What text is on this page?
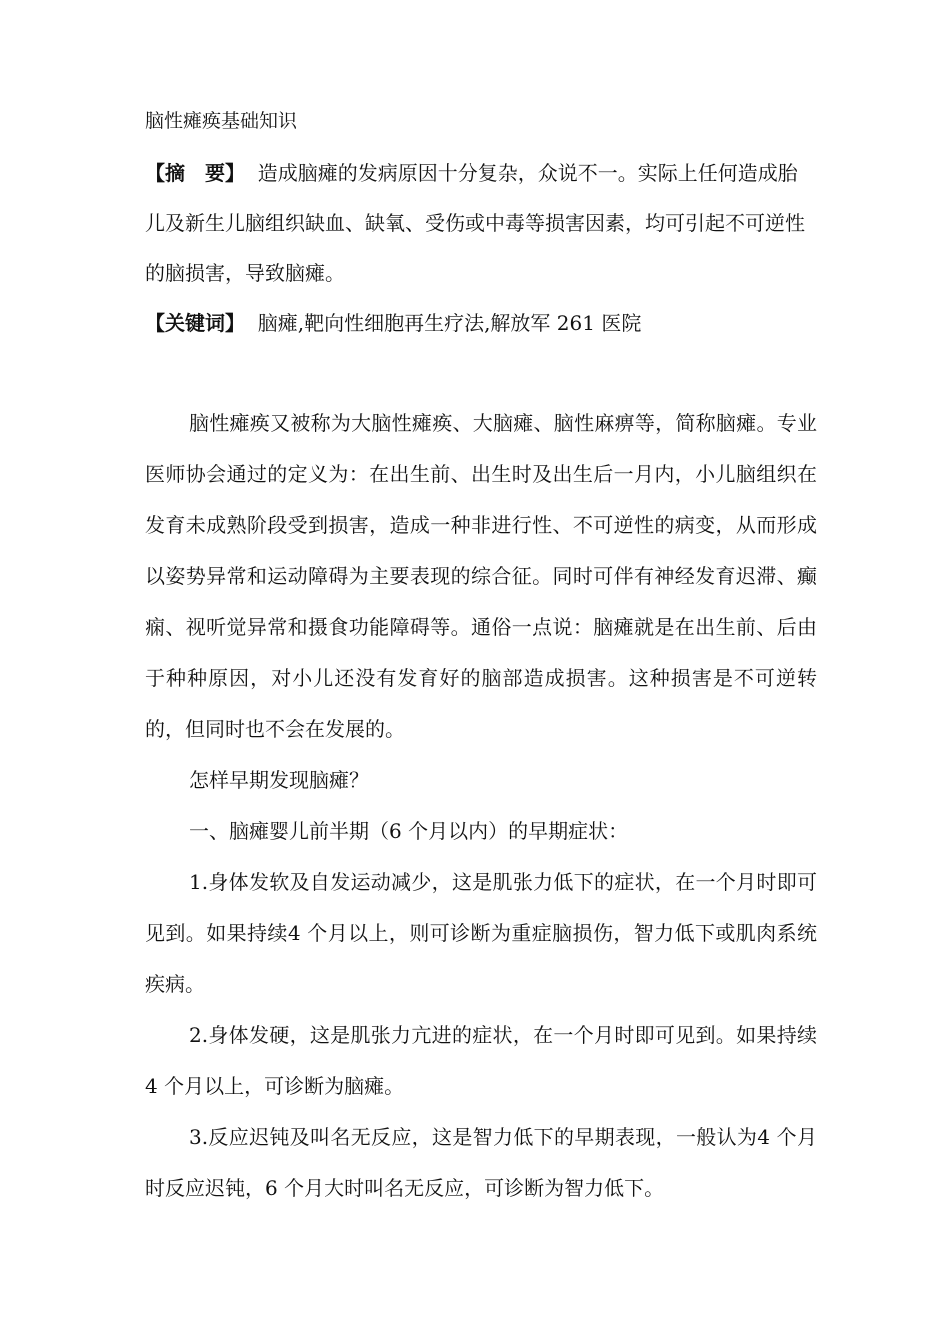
脑性瘫痪基础知识
【摘　要】 造成脑瘫的发病原因十分复杂，众说不一。实际上任何造成胎儿及新生儿脑组织缺血、缺氧、受伤或中毒等损害因素，均可引起不可逆性的脑损害，导致脑瘫。
【关键词】 脑瘫,靶向性细胞再生疗法,解放军 261 医院

脑性瘫痪又被称为大脑性瘫痪、大脑瘫、脑性麻痹等，简称脑瘫。专业医师协会通过的定义为：在出生前、出生时及出生后一月内，小儿脑组织在发育未成熟阶段受到损害，造成一种非进行性、不可逆性的病变，从而形成以姿势异常和运动障碍为主要表现的综合征。同时可伴有神经发育迟滞、癫痫、视听觉异常和摄食功能障碍等。通俗一点说：脑瘫就是在出生前、后由于种种原因，对小儿还没有发育好的脑部造成损害。这种损害是不可逆转的，但同时也不会在发展的。

怎样早期发现脑瘫？

一、脑瘫婴儿前半期（6 个月以内）的早期症状：

1.身体发软及自发运动减少，这是肌张力低下的症状，在一个月时即可见到。如果持续4 个月以上，则可诊断为重症脑损伤，智力低下或肌肉系统疾病。

2.身体发硬，这是肌张力亢进的症状，在一个月时即可见到。如果持续 4 个月以上，可诊断为脑瘫。

3.反应迟钝及叫名无反应，这是智力低下的早期表现，一般认为4 个月时反应迟钝，6 个月大时叫名无反应，可诊断为智力低下。
